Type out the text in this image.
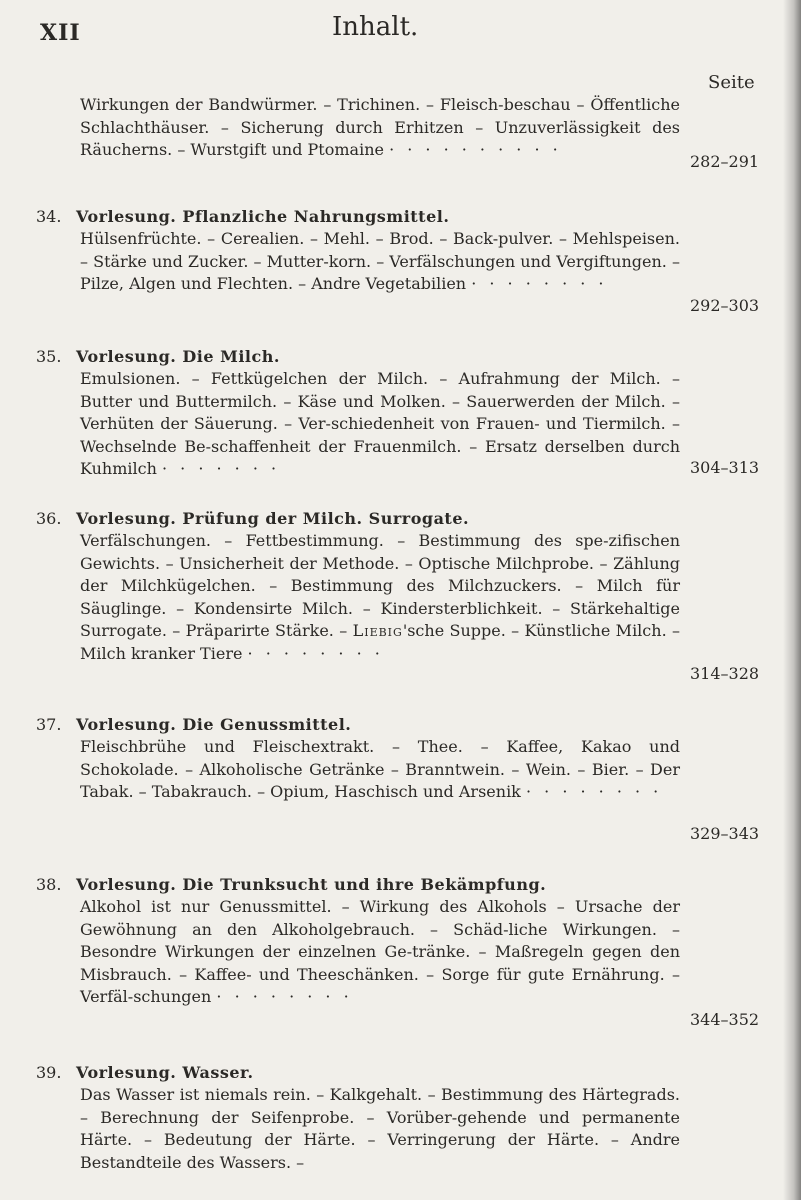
XII	Inhalt.
Seite
Wirkungen der Bandwürmer. – Trichinen. – Fleisch-beschau – Öffentliche Schlachthäuser. – Sicherung durch Erhitzen – Unzuverlässigkeit des Räucherns. – Wurstgift und Ptomaine · · · · · · · · · ·
282–291
34. Vorlesung. Pflanzliche Nahrungsmittel.
Hülsenfrüchte. – Cerealien. – Mehl. – Brod. – Back-pulver. – Mehlspeisen. – Stärke und Zucker. – Mutter-korn. – Verfälschungen und Vergiftungen. – Pilze, Algen und Flechten. – Andre Vegetabilien · · · · · · · ·
292–303
35. Vorlesung. Die Milch.
Emulsionen. – Fettkügelchen der Milch. – Aufrahmung der Milch. – Butter und Buttermilch. – Käse und Molken. – Sauerwerden der Milch. – Verhüten der Säuerung. – Ver-schiedenheit von Frauen- und Tiermilch. – Wechselnde Be-schaffenheit der Frauenmilch. – Ersatz derselben durch Kuhmilch · · · · · · ·	304–313
36. Vorlesung. Prüfung der Milch. Surrogate.
Verfälschungen. – Fettbestimmung. – Bestimmung des spe-zifischen Gewichts. – Unsicherheit der Methode. – Optische Milchprobe. – Zählung der Milchkügelchen. – Bestimmung des Milchzuckers. – Milch für Säuglinge. – Kondensirte Milch. – Kindersterblichkeit. – Stärkehaltige Surrogate. – Präparirte Stärke. – Liebig'sche Suppe. – Künstliche Milch. – Milch kranker Tiere · · · · · · · ·
314–328
37. Vorlesung. Die Genussmittel.
Fleischbrühe und Fleischextrakt. – Thee. – Kaffee, Kakao und Schokolade. – Alkoholische Getränke – Branntwein. – Wein. – Bier. – Der Tabak. – Tabakrauch. – Opium, Haschisch und Arsenik · · · · · · · ·
329–343
38. Vorlesung. Die Trunksucht und ihre Bekämpfung.
Alkohol ist nur Genussmittel. – Wirkung des Alkohols – Ursache der Gewöhnung an den Alkoholgebrauch. – Schäd-liche Wirkungen. – Besondre Wirkungen der einzelnen Ge-tränke. – Maßregeln gegen den Misbrauch. – Kaffee- und Theeschänken. – Sorge für gute Ernährung. – Verfäl-schungen · · · · · · · ·
344–352
39. Vorlesung. Wasser.
Das Wasser ist niemals rein. – Kalkgehalt. – Bestimmung des Härtegrads. – Berechnung der Seifenprobe. – Vorüber-gehende und permanente Härte. – Bedeutung der Härte. – Verringerung der Härte. – Andre Bestandteile des Wassers. –
